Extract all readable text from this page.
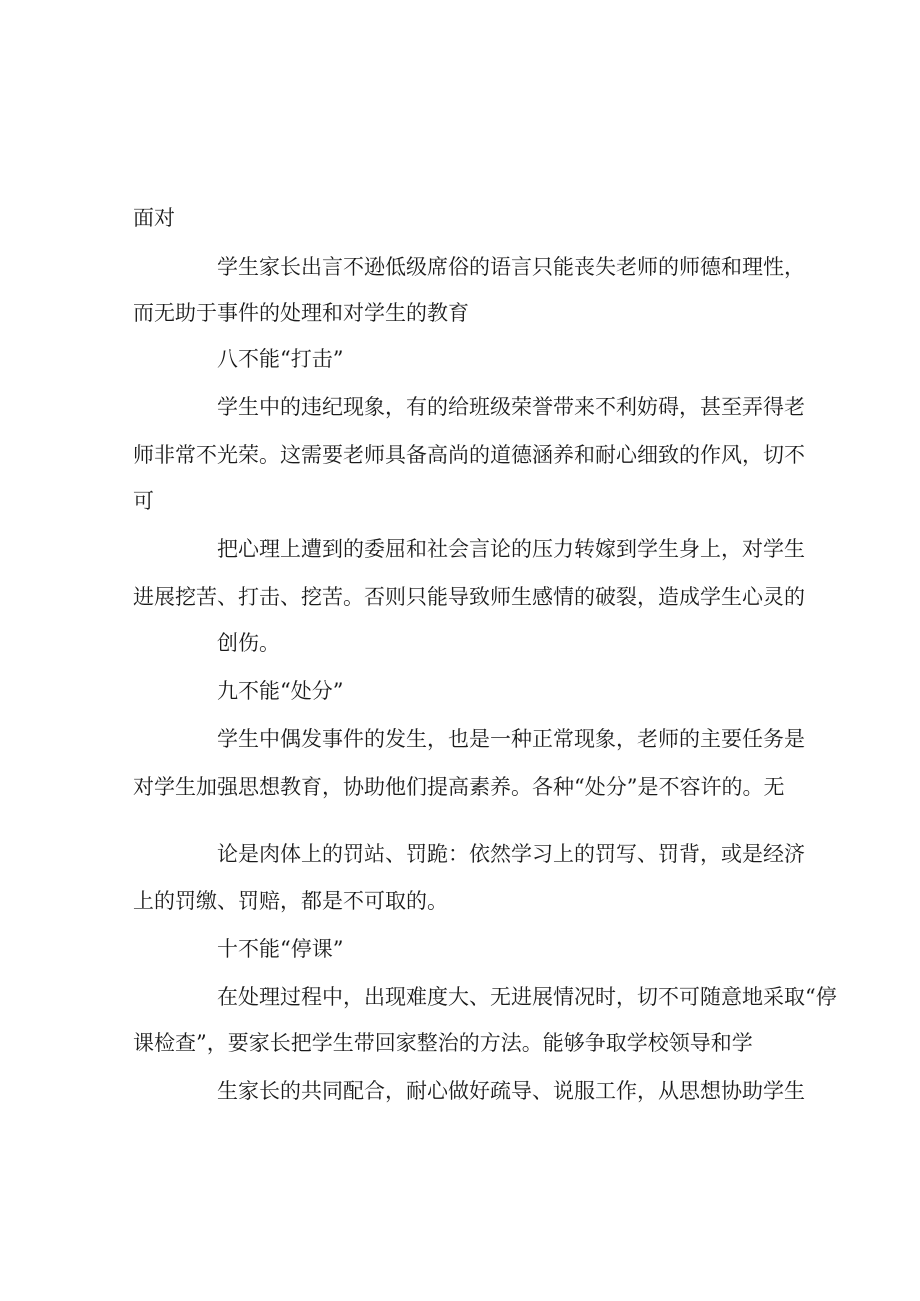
面对

学生家长出言不逊低级席俗的语言只能丧失老师的师德和理性，

而无助于事件的处理和对学生的教育

八不能“打击”

学生中的违纪现象，有的给班级荣誉带来不利妨碍，甚至弄得老

师非常不光荣。这需要老师具备高尚的道德涵养和耐心细致的作风，切不

可

把心理上遭到的委屈和社会言论的压力转嫁到学生身上，对学生

进展挖苦、打击、挖苦。否则只能导致师生感情的破裂，造成学生心灵的

创伤。

九不能“处分”

学生中偶发事件的发生，也是一种正常现象，老师的主要任务是

对学生加强思想教育，协助他们提高素养。各种“处分”是不容许的。无

论是肉体上的罚站、罚跪：依然学习上的罚写、罚背，或是经济

上的罚缴、罚赔，都是不可取的。

十不能“停课”

在处理过程中，出现难度大、无进展情况时，切不可随意地采取“停

课检查”，要家长把学生带回家整治的方法。能够争取学校领导和学

生家长的共同配合，耐心做好疏导、说服工作，从思想协助学生
